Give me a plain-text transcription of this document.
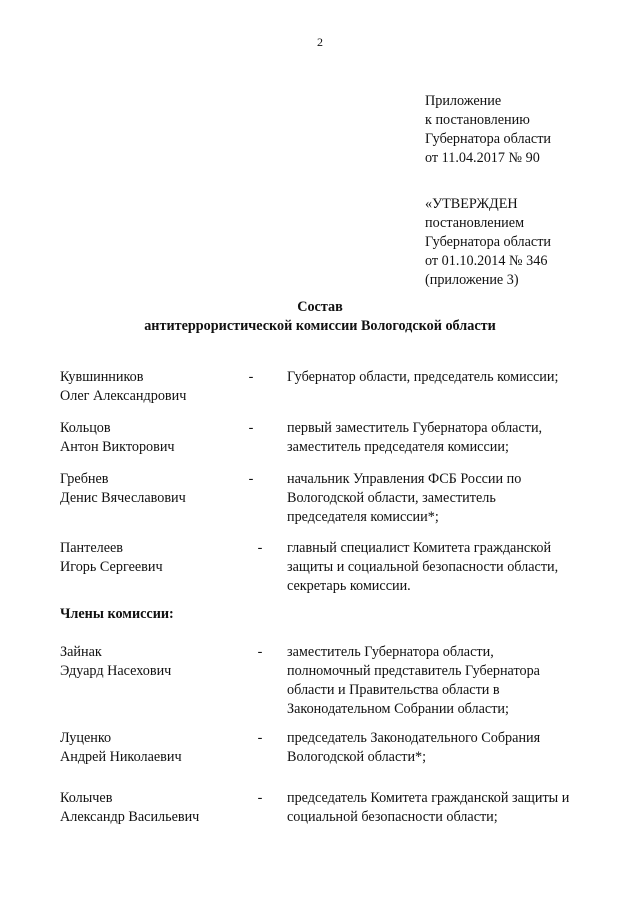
2
Приложение
к постановлению
Губернатора области
от 11.04.2017 № 90
«УТВЕРЖДЕН
постановлением
Губернатора области
от 01.10.2014 № 346
(приложение 3)
Состав
антитеррористической комиссии Вологодской области
Кувшинников
Олег Александрович
- Губернатор области, председатель комиссии;
Кольцов
Антон Викторович
- первый заместитель Губернатора области,
заместитель председателя комиссии;
Гребнев
Денис Вячеславович
- начальник Управления ФСБ России по
Вологодской области, заместитель
председателя комиссии*;
Пантелеев
Игорь Сергеевич
- главный специалист Комитета гражданской
защиты и социальной безопасности области,
секретарь комиссии.
Члены комиссии:
Зайнак
Эдуард Насехович
- заместитель Губернатора области,
полномочный представитель Губернатора
области и Правительства области в
Законодательном Собрании области;
Луценко
Андрей Николаевич
- председатель Законодательного Собрания
Вологодской области*;
Колычев
Александр Васильевич
- председатель Комитета гражданской защиты и
социальной безопасности области;
